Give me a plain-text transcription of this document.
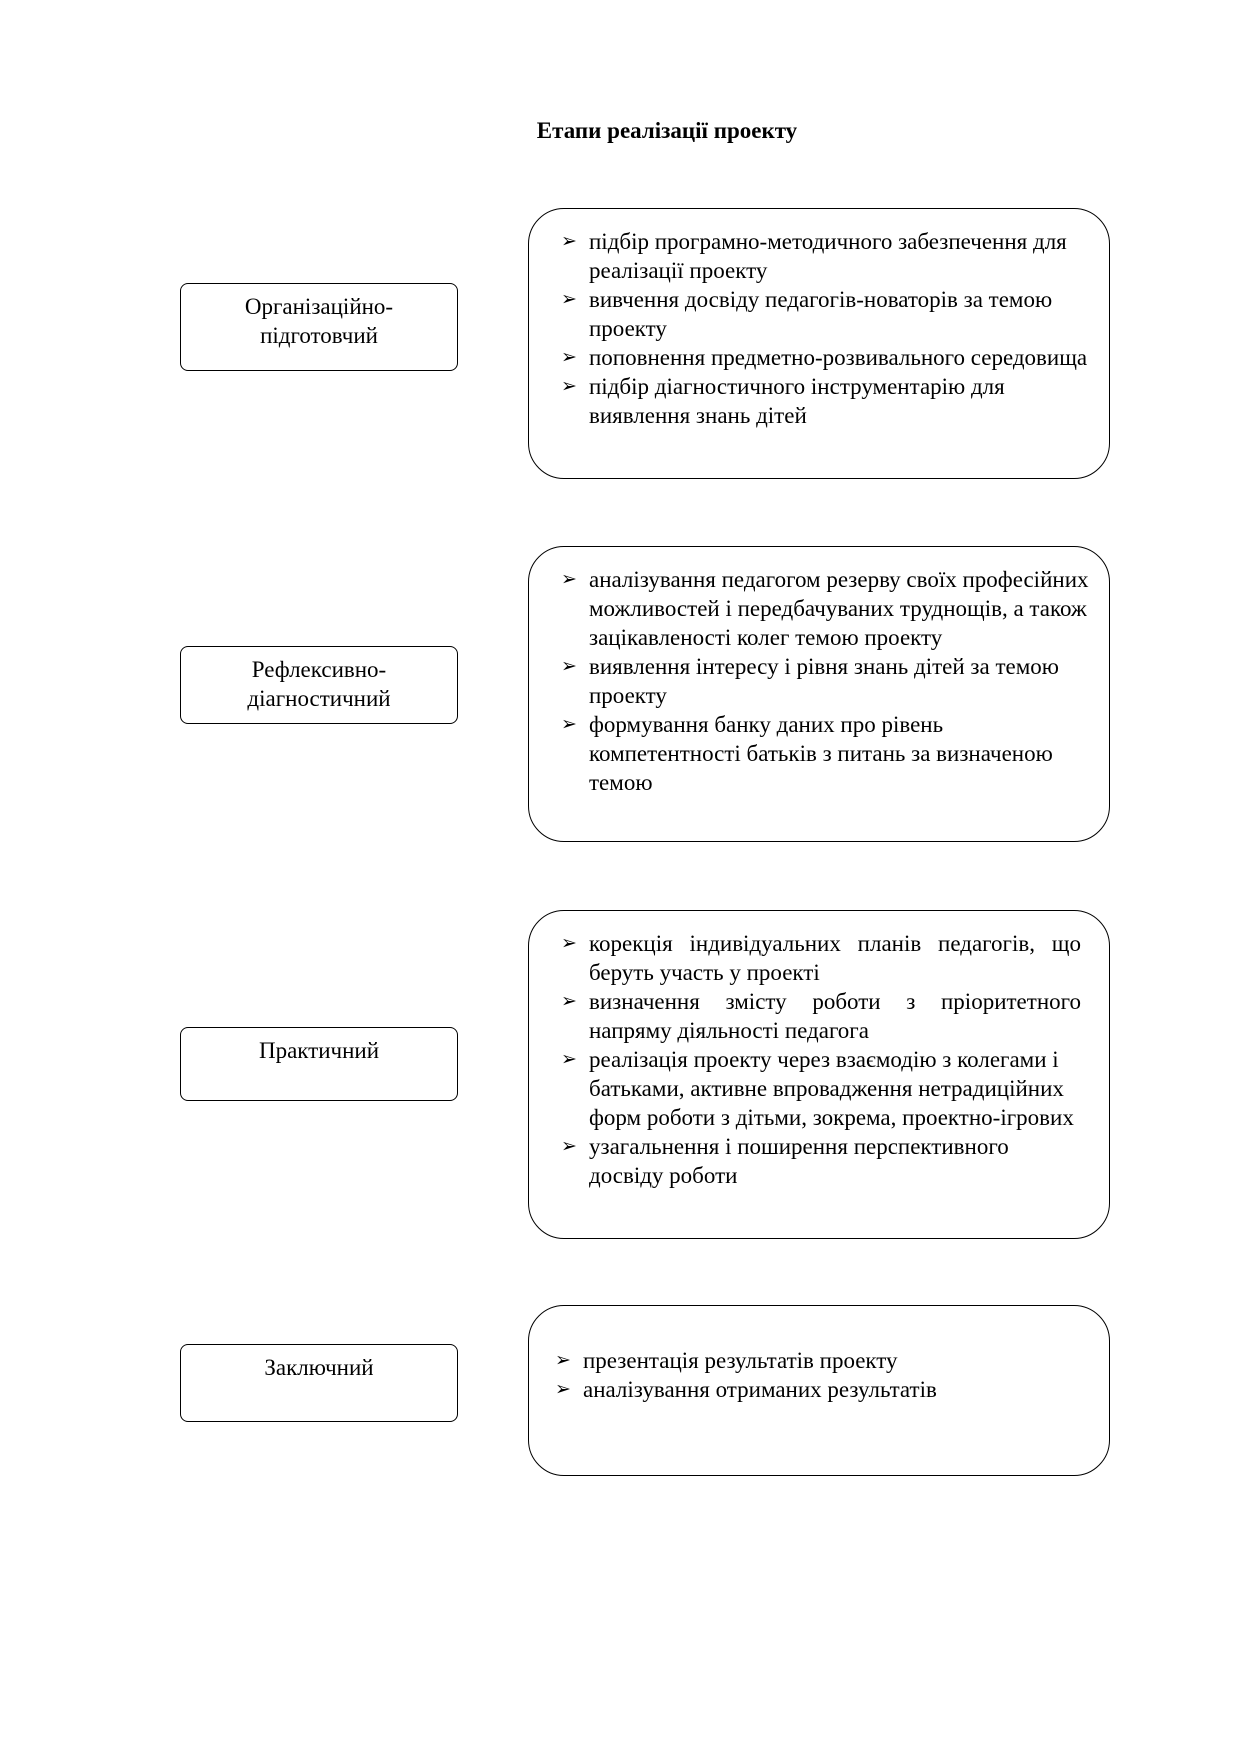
Етапи реалізації проекту
Організаційно-
підготовчий
➢ підбір програмно-методичного забезпечення для реалізації проекту
➢ вивчення досвіду педагогів-новаторів за темою проекту
➢ поповнення предметно-розвивального середовища
➢ підбір діагностичного інструментарію для виявлення знань дітей
Рефлексивно-
діагностичний
➢ аналізування педагогом резерву своїх професійних можливостей і передбачуваних труднощів, а також зацікавленості колег темою проекту
➢ виявлення інтересу і рівня знань дітей за темою проекту
➢ формування банку даних про рівень компетентності батьків з питань за визначеною темою
Практичний
➢ корекція індивідуальних планів педагогів, що беруть участь у проекті
➢ визначення змісту роботи з пріоритетного напряму діяльності педагога
➢ реалізація проекту через взаємодію з колегами і батьками, активне впровадження нетрадиційних форм роботи з дітьми, зокрема, проектно-ігрових
➢ узагальнення і поширення перспективного досвіду роботи
Заключний	➢ презентація результатів проекту
➢ аналізування отриманих результатів
